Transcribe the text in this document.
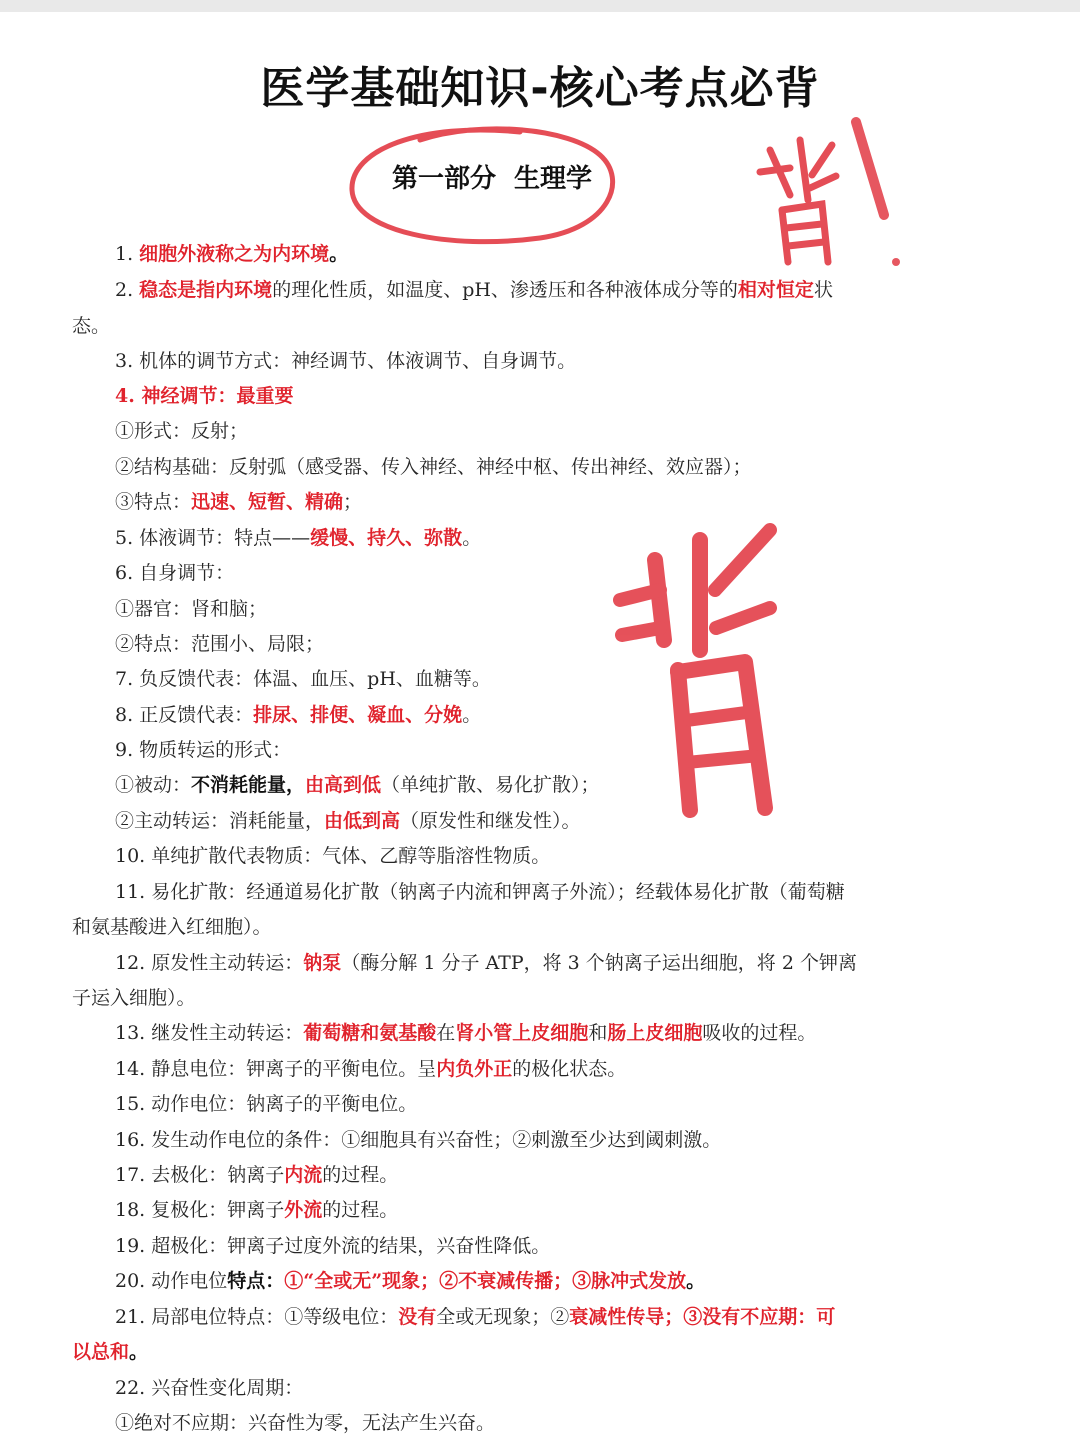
医学基础知识-核心考点必背
第一部分 生理学
1. 细胞外液称之为内环境。
2. 稳态是指内环境的理化性质，如温度、pH、渗透压和各种液体成分等的相对恒定状
态。
3. 机体的调节方式：神经调节、体液调节、自身调节。
4. 神经调节：最重要
①形式：反射；
②结构基础：反射弧（感受器、传入神经、神经中枢、传出神经、效应器）；
③特点：迅速、短暂、精确；
5. 体液调节：特点——缓慢、持久、弥散。
6. 自身调节：
①器官：肾和脑；
②特点：范围小、局限；
7. 负反馈代表：体温、血压、pH、血糖等。
8. 正反馈代表：排尿、排便、凝血、分娩。
9. 物质转运的形式：
①被动：不消耗能量，由高到低（单纯扩散、易化扩散）；
②主动转运：消耗能量，由低到高（原发性和继发性）。
10. 单纯扩散代表物质：气体、乙醇等脂溶性物质。
11. 易化扩散：经通道易化扩散（钠离子内流和钾离子外流）；经载体易化扩散（葡萄糖
和氨基酸进入红细胞）。
12. 原发性主动转运：钠泵（酶分解 1 分子 ATP，将 3 个钠离子运出细胞，将 2 个钾离
子运入细胞）。
13. 继发性主动转运：葡萄糖和氨基酸在肾小管上皮细胞和肠上皮细胞吸收的过程。
14. 静息电位：钾离子的平衡电位。呈内负外正的极化状态。
15. 动作电位：钠离子的平衡电位。
16. 发生动作电位的条件：①细胞具有兴奋性；②刺激至少达到阈刺激。
17. 去极化：钠离子内流的过程。
18. 复极化：钾离子外流的过程。
19. 超极化：钾离子过度外流的结果，兴奋性降低。
20. 动作电位特点：①“全或无”现象；②不衰减传播；③脉冲式发放。
21. 局部电位特点：①等级电位：没有全或无现象；②衰减性传导；③没有不应期：可
以总和。
22. 兴奋性变化周期：
①绝对不应期：兴奋性为零，无法产生兴奋。
